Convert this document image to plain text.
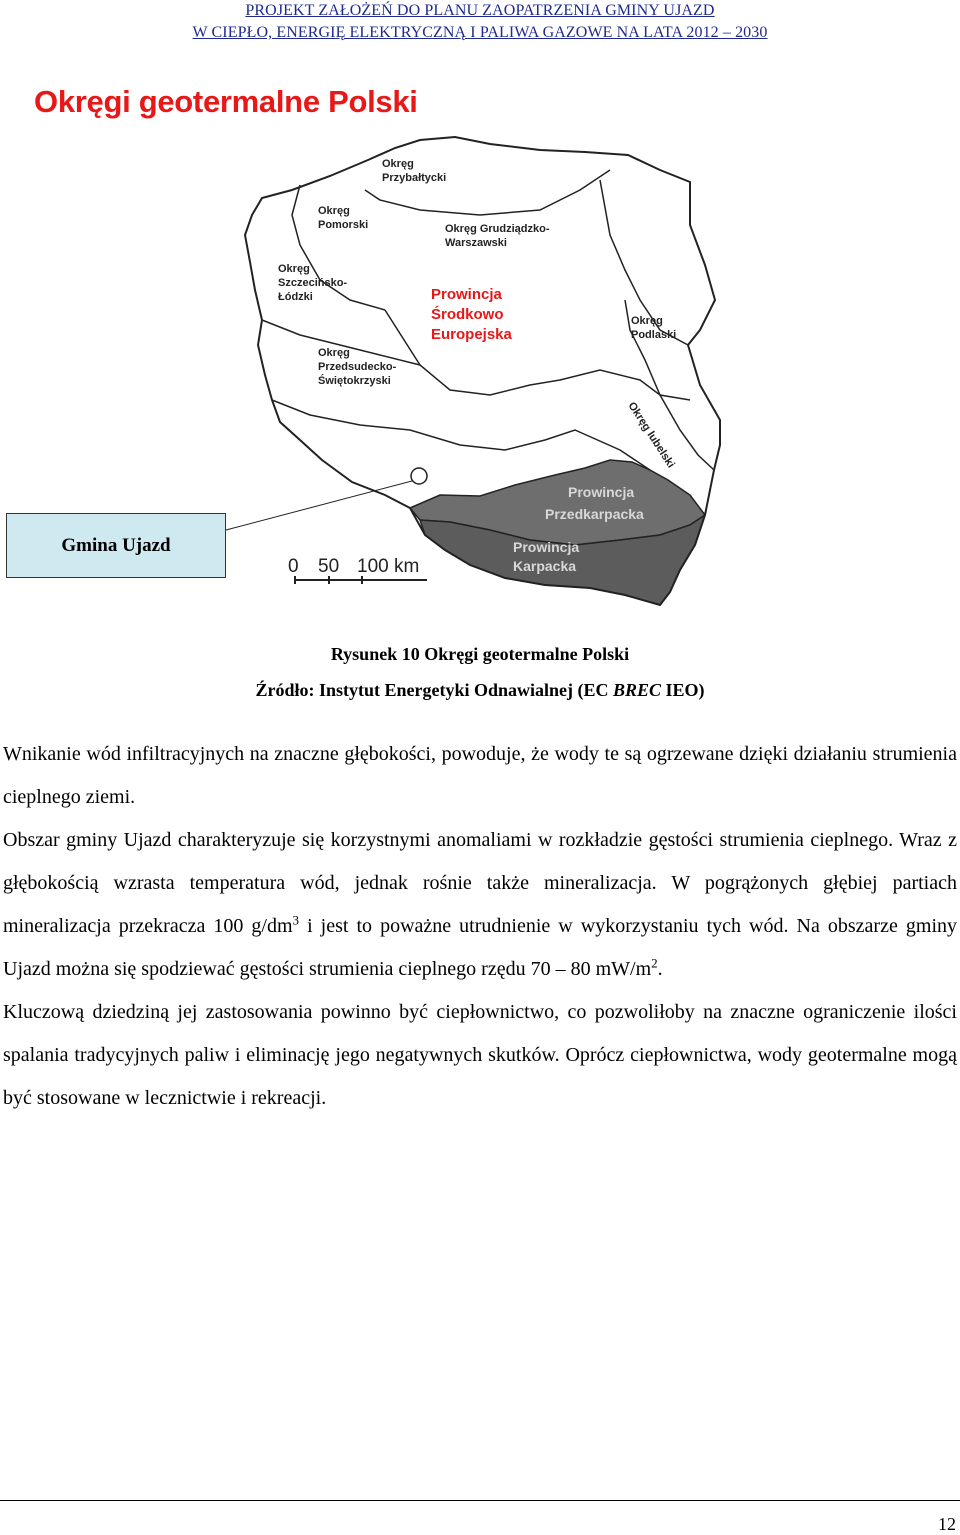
PROJEKT ZAŁOŻEŃ DO PLANU ZAOPATRZENIA GMINY UJAZD
W CIEPŁO, ENERGIĘ ELEKTRYCZNĄ I PALIWA GAZOWE NA LATA 2012 – 2030
Okręgi geotermalne Polski
Okręg Przybałtycki
Okręg Pomorski	Okręg Grudziądzko-Warszawski
Okręg Szczecińsko-Łódzki	Prowincja Środkowo Europejska
Okręg Podlaski
Okręg Przedsudecko-Świętokrzyski
Okręg lubelski
Prowincja Przedkarpacka
Prowincja Karpacka
0 50 100 km
Gmina Ujazd
Rysunek 10 Okręgi geotermalne Polski
Źródło: Instytut Energetyki Odnawialnej (EC BREC IEO)

Wnikanie wód infiltracyjnych na znaczne głębokości, powoduje, że wody te są ogrzewane dzięki działaniu strumienia cieplnego ziemi.

Obszar gminy Ujazd charakteryzuje się korzystnymi anomaliami w rozkładzie gęstości strumienia cieplnego. Wraz z głębokością wzrasta temperatura wód, jednak rośnie także mineralizacja. W pogrążonych głębiej partiach mineralizacja przekracza 100 $g/dm^3$ i jest to poważne utrudnienie w wykorzystaniu tych wód. Na obszarze gminy Ujazd można się spodziewać gęstości strumienia cieplnego rzędu 70 – 80 $mW/m^2$.

Kluczową dziedziną jej zastosowania powinno być ciepłownictwo, co pozwoliłoby na znaczne ograniczenie ilości spalania tradycyjnych paliw i eliminację jego negatywnych skutków. Oprócz ciepłownictwa, wody geotermalne mogą być stosowane w lecznictwie i rekreacji.

12
